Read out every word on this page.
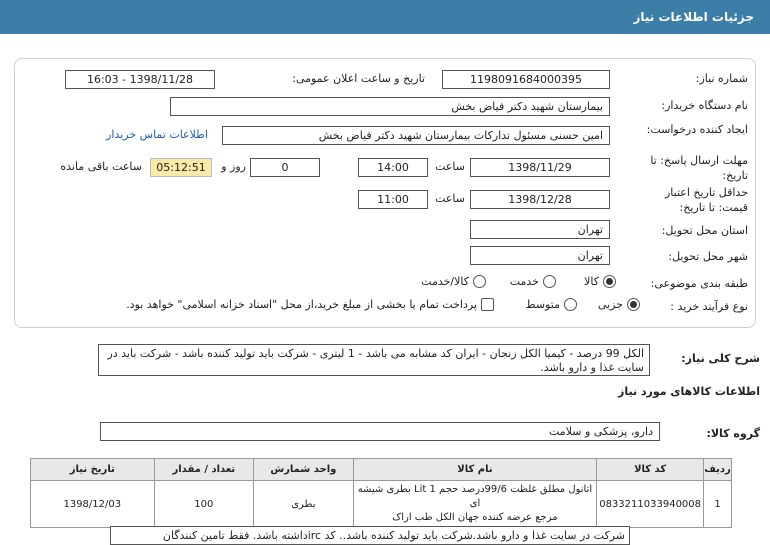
جزئیات اطلاعات نیاز
شماره نیاز:
1198091684000395
تاریخ و ساعت اعلان عمومی:
1398/11/28 - 16:03
نام دستگاه خریدار:
بیمارستان شهید دکتر فیاض بخش
ایجاد کننده درخواست:
امین حسنی مسئول تدارکات بیمارستان شهید دکتر فیاض بخش
اطلاعات تماس خریدار
مهلت ارسال پاسخ: تا تاریخ:
1398/11/29
ساعت
14:00
0
روز و
05:12:51
ساعت باقی مانده
حداقل تاریخ اعتبار قیمت: تا تاریخ:
1398/12/28
ساعت
11:00
استان محل تحویل:
تهران
شهر محل تحویل:
تهران
طبقه بندی موضوعی:
کالا
خدمت
کالا/خدمت
نوع فرآیند خرید :
جزیی
متوسط
پرداخت تمام یا بخشی از مبلغ خرید،از محل "اسناد خزانه اسلامی" خواهد بود.
شرح کلی نیاز:
الکل 99 درصد - کیمیا الکل زنجان - ایران کد مشابه می باشد - 1 لیتری - شرکت باید تولید کننده باشد - شرکت باید در سایت غذا و دارو باشد.
اطلاعات کالاهای مورد نیاز
گروه کالا:
دارو، پزشکی و سلامت
ردیف	کد کالا	نام کالا	واحد شمارش	تعداد / مقدار	تاریخ نیاز
1	0833211033940008	اتانول مطلق غلظت 99/6درصد حجم Lit 1 بطری شیشه ای
مرجع عرضه کننده جهان الکل طب اراک	بطری	100	1398/12/03
شرکت در سایت غذا و دارو باشد.شرکت باید تولید کننده باشد.. کد ircداشته باشد. فقط تامین کنندگان
